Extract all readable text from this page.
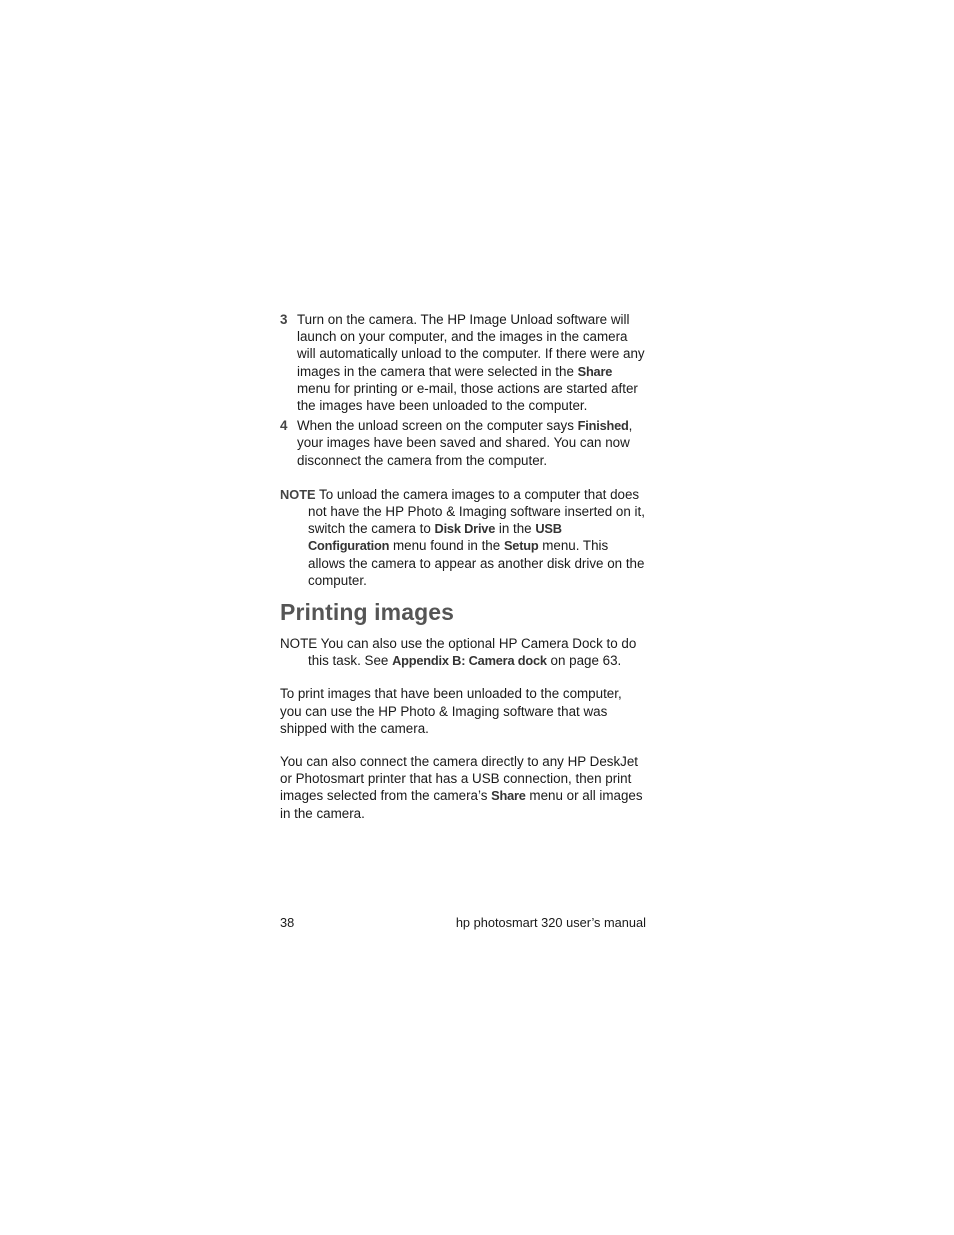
3 Turn on the camera. The HP Image Unload software will launch on your computer, and the images in the camera will automatically unload to the computer. If there were any images in the camera that were selected in the Share menu for printing or e-mail, those actions are started after the images have been unloaded to the computer.
4 When the unload screen on the computer says Finished, your images have been saved and shared. You can now disconnect the camera from the computer.
NOTE To unload the camera images to a computer that does not have the HP Photo & Imaging software inserted on it, switch the camera to Disk Drive in the USB Configuration menu found in the Setup menu. This allows the camera to appear as another disk drive on the computer.
Printing images
NOTE You can also use the optional HP Camera Dock to do this task. See Appendix B: Camera dock on page 63.

To print images that have been unloaded to the computer, you can use the HP Photo & Imaging software that was shipped with the camera.

You can also connect the camera directly to any HP DeskJet or Photosmart printer that has a USB connection, then print images selected from the camera’s Share menu or all images in the camera.

38	hp photosmart 320 user’s manual
